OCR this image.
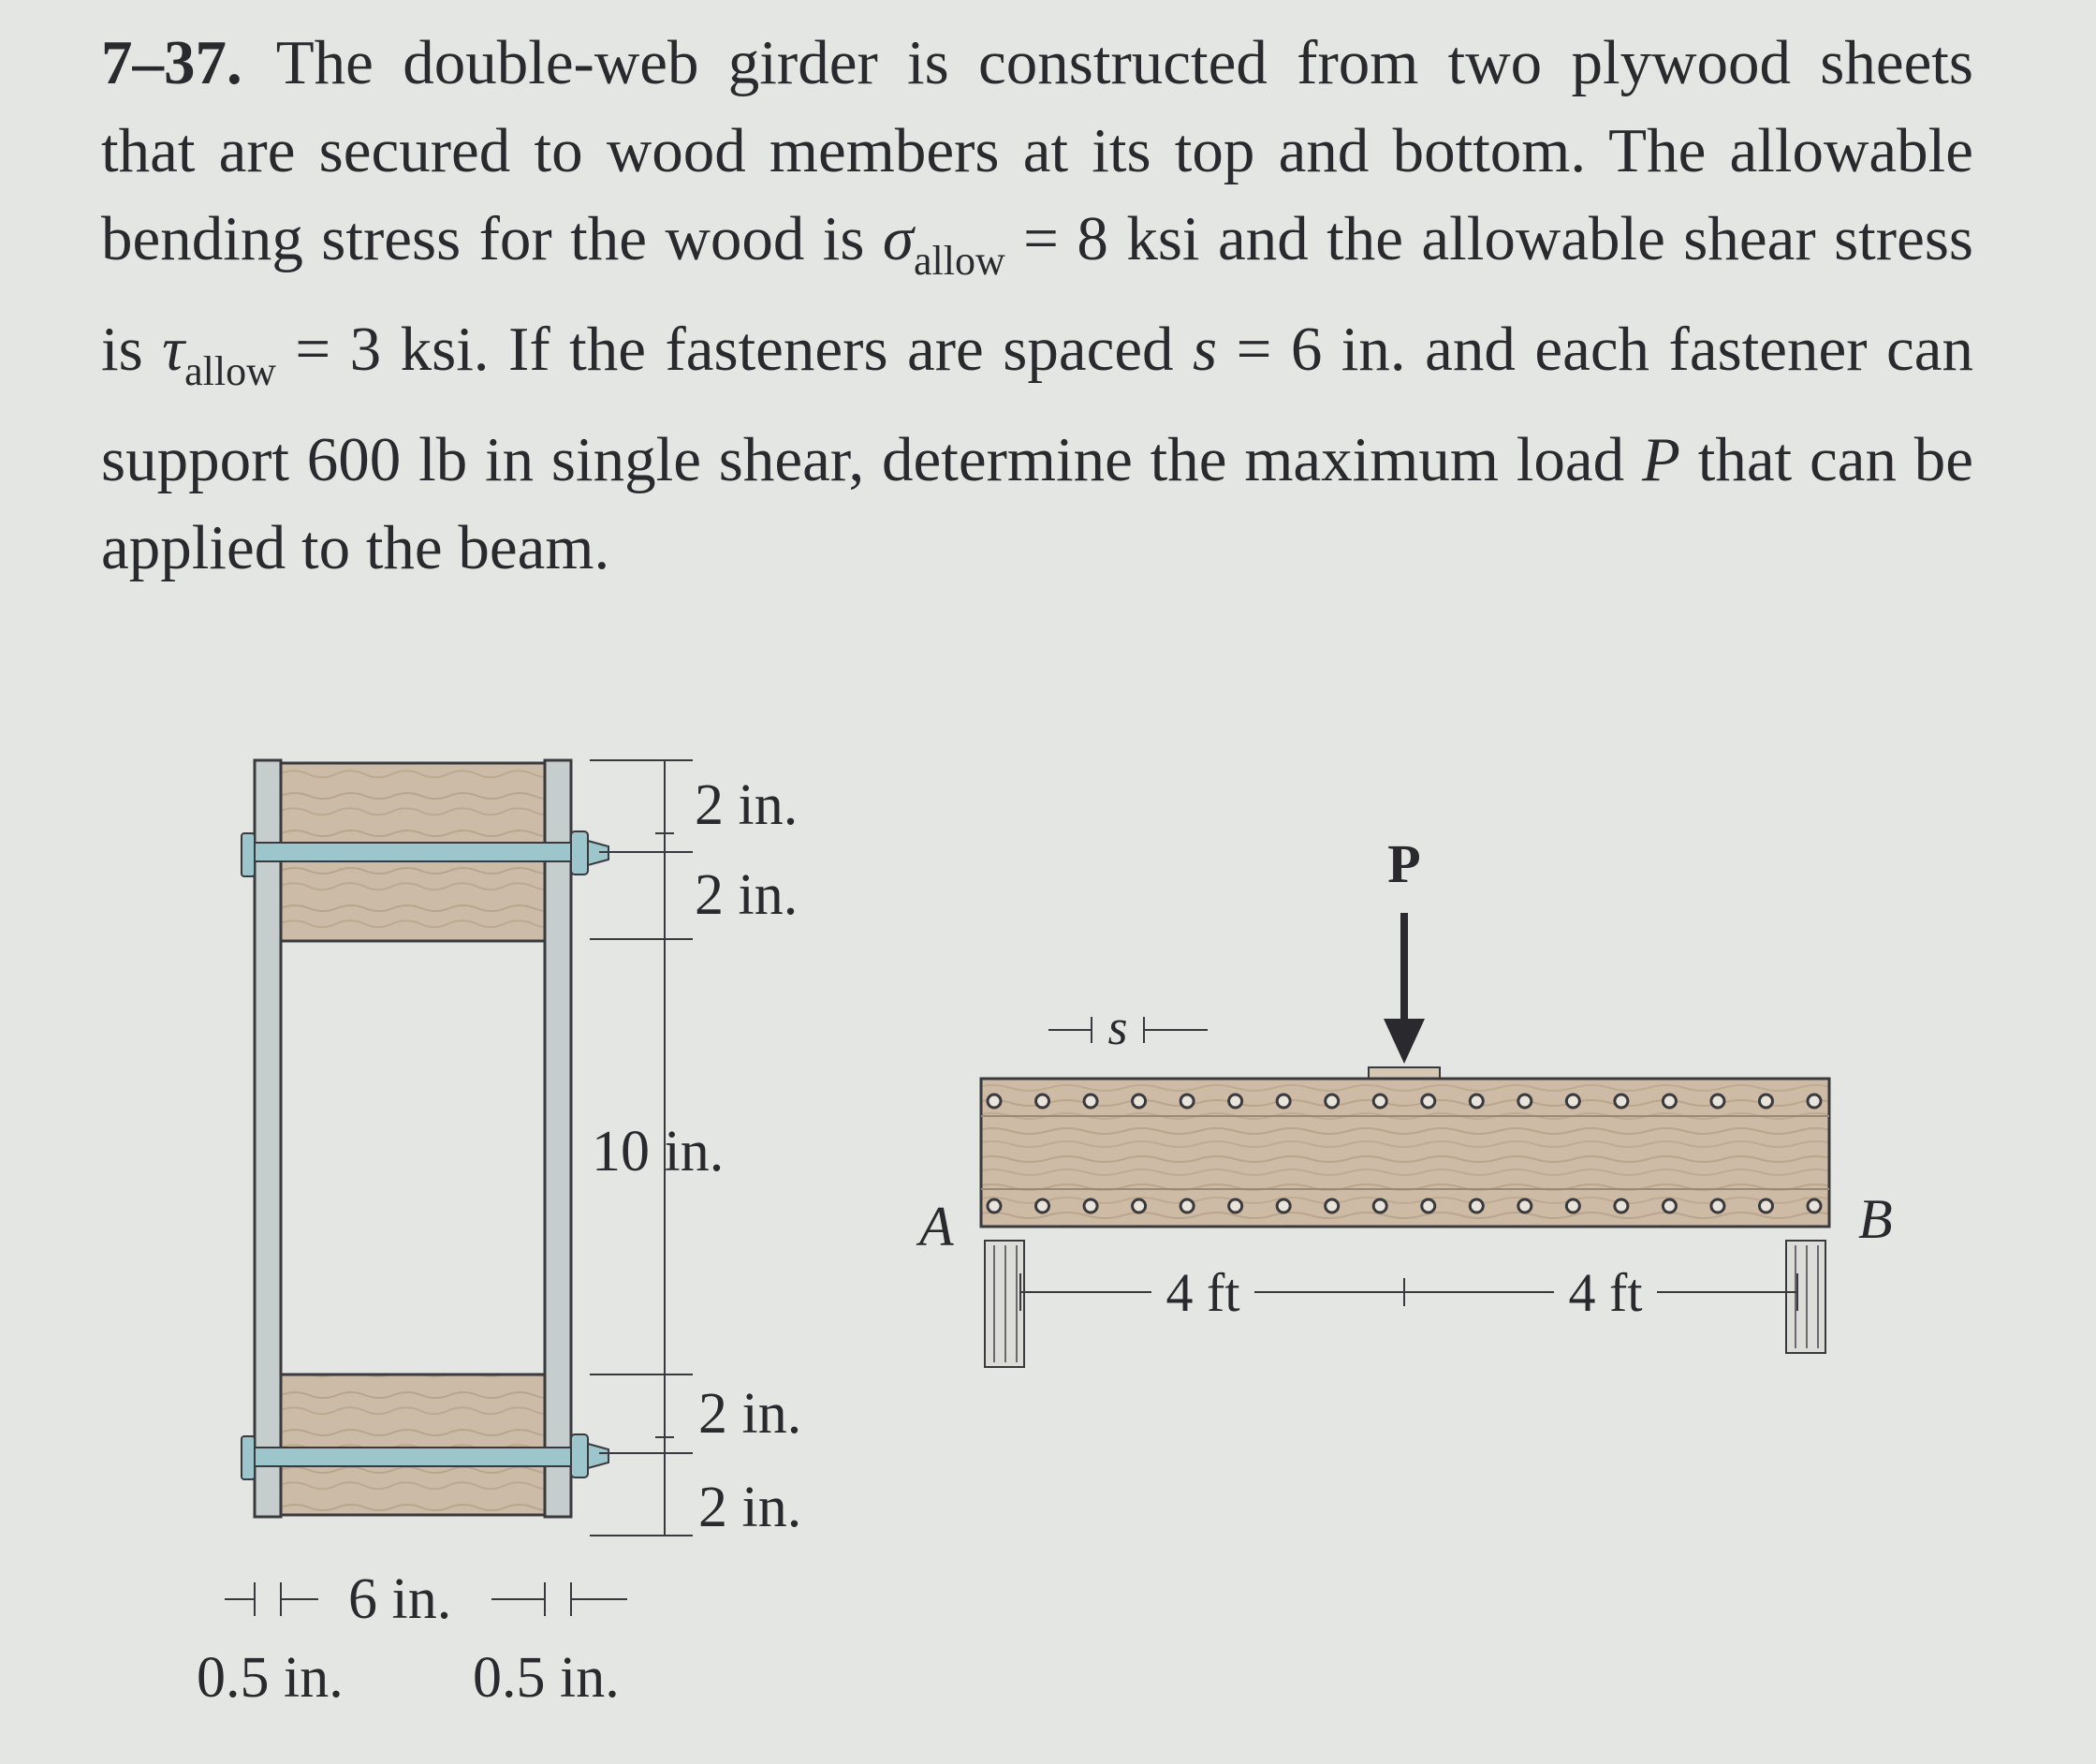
7–37. The double-web girder is constructed from two plywood sheets that are secured to wood members at its top and bottom. The allowable bending stress for the wood is $\sigma_{allow} = 8$ ksi and the allowable shear stress is $\tau_{allow} = 3$ ksi. If the fasteners are spaced s = 6 in. and each fastener can support 600 lb in single shear, determine the maximum load P that can be applied to the beam.

2 in.
2 in.
10 in.
2 in.
2 in.
6 in.
0.5 in. 0.5 in.
P
s
A	B
4 ft	4 ft
